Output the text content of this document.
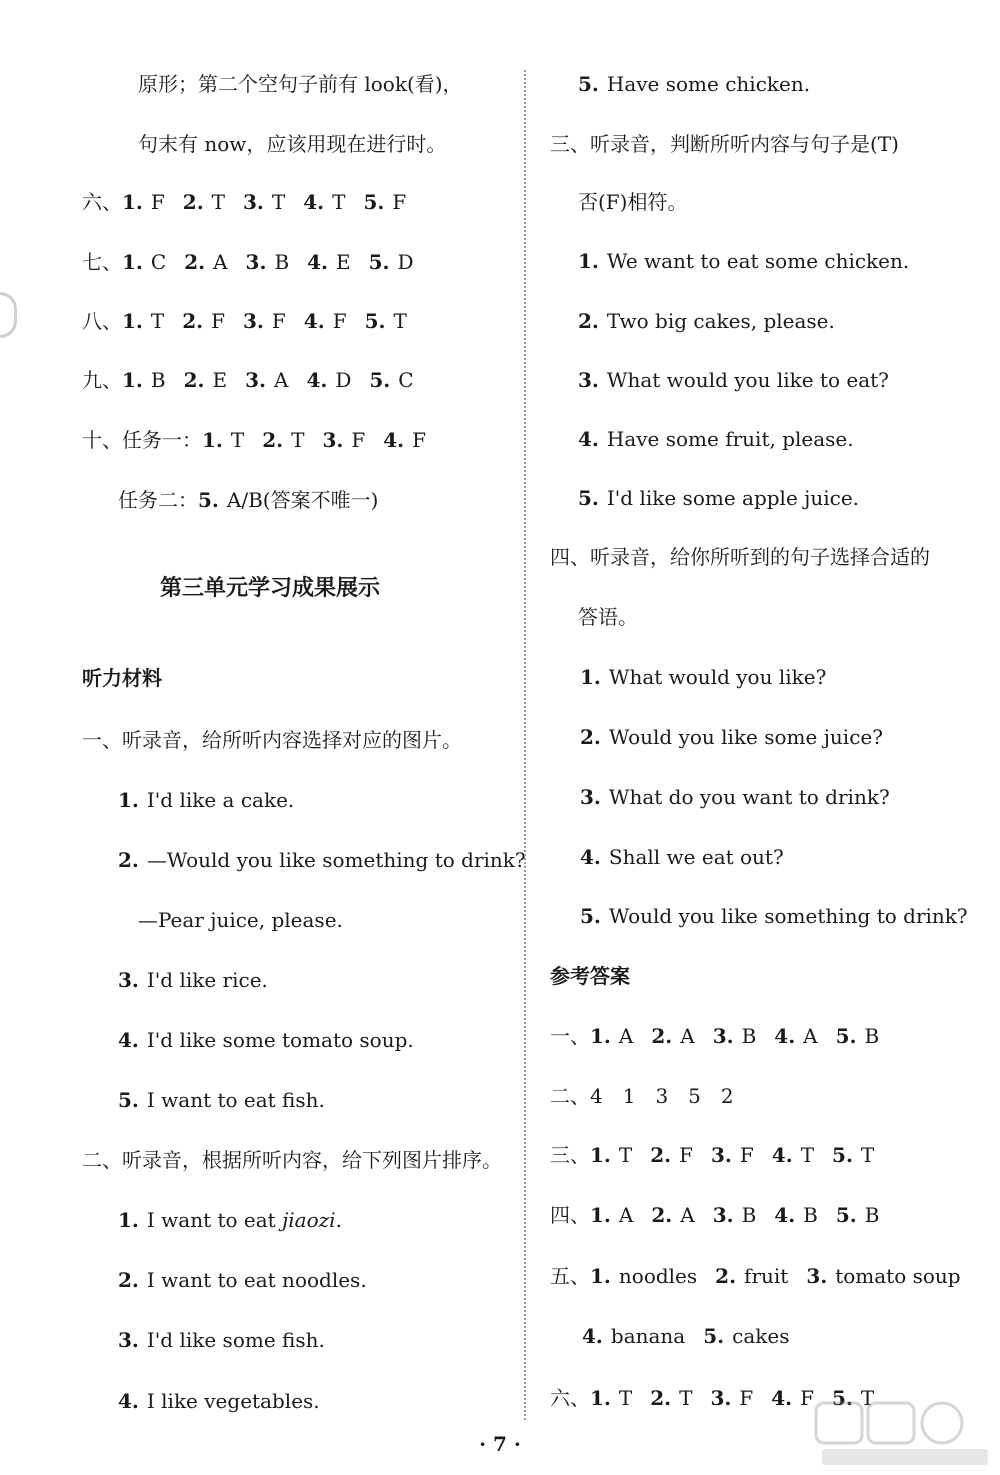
原形；第二个空句子前有 look(看)，
句末有 now，应该用现在进行时。
六、1. F 2. T 3. T 4. T 5. F
七、1. C 2. A 3. B 4. E 5. D
八、1. T 2. F 3. F 4. F 5. T
九、1. B 2. E 3. A 4. D 5. C
十、任务一：1. T 2. T 3. F 4. F
任务二：5. A/B(答案不唯一)
第三单元学习成果展示
听力材料
一、听录音，给所听内容选择对应的图片。
1. I'd like a cake.
2. —Would you like something to drink?
—Pear juice, please.
3. I'd like rice.
4. I'd like some tomato soup.
5. I want to eat fish.
二、听录音，根据所听内容，给下列图片排序。
1. I want to eat jiaozi.
2. I want to eat noodles.
3. I'd like some fish.
4. I like vegetables.
5. Have some chicken.
三、听录音，判断所听内容与句子是(T)
否(F)相符。
1. We want to eat some chicken.
2. Two big cakes, please.
3. What would you like to eat?
4. Have some fruit, please.
5. I'd like some apple juice.
四、听录音，给你所听到的句子选择合适的
答语。
1. What would you like?
2. Would you like some juice?
3. What do you want to drink?
4. Shall we eat out?
5. Would you like something to drink?
参考答案
一、1. A 2. A 3. B 4. A 5. B
二、4　1　3　5　2
三、1. T 2. F 3. F 4. T 5. T
四、1. A 2. A 3. B 4. B 5. B
五、1. noodles 2. fruit 3. tomato soup
4. banana 5. cakes
六、1. T 2. T 3. F 4. F 5. T
· 7 ·
